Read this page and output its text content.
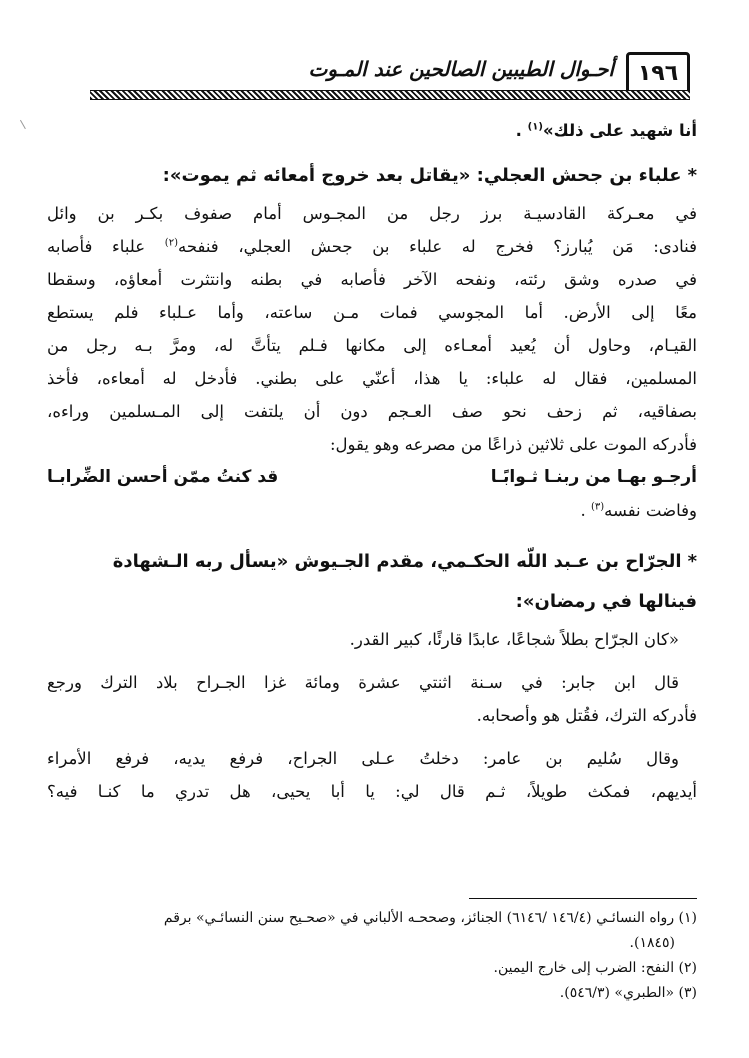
١٩٦
أحـوال الطيبين الصالحين عند المـوت
أنا شهيد على ذلك»$^{(١)}$ .
*علباء بن جحش العجلي: «يقاتل بعد خروج أمعائه ثم يموت»:
في معـركة القادسيـة برز رجل من المجـوس أمام صفوف بكـر بن وائل
فنادى: مَن يُبارز؟ فخرج له علباء بن جحش العجلي، فنفحه$^{(٢)}$ علباء فأصابه
في صدره وشق رئته، ونفحه الآخر فأصابه في بطنه وانتثرت أمعاؤه، وسقطا
معًا إلى الأرض. أما المجوسي فمات مـن ساعته، وأما عـلباء فلم يستطع
القيـام، وحاول أن يُعيد أمعـاءه إلى مكانها فـلم يتأتَّ له، ومرَّ بـه رجل من
المسلمين، فقال له علباء: يا هذا، أعنّي على بطني. فأدخل له أمعاءه، فأخذ
بصفاقيه، ثم زحف نحو صف العـجم دون أن يلتفت إلى المـسلمين وراءه،
فأدركه الموت على ثلاثين ذراعًا من مصرعه وهو يقول:
أرجـو بهـا من ربنـا ثـوابًـا
قد كنتُ ممّن أحسن الضِّرابـا
وفاضت نفسه$^{(٣)}$ .
*الجرّاح بن عـبد اللّه الحكـمي، مقدم الجـيوش «يسأل ربه الـشهادة
فينالها في رمضان»:
«كان الجرّاح بطلاً شجاعًا، عابدًا قارئًا، كبير القدر.
قال ابن جابر: في سـنة اثنتي عشرة ومائة غزا الجـراح بلاد الترك ورجع
فأدركه الترك، فقُتل هو وأصحابه.
وقال سُليم بن عامر: دخلتُ عـلى الجراح، فرفع يديه، فرفع الأمراء
أيديهم، فمكث طويلاً، ثـم قال لي: يا أبا يحيى، هل تدري ما كنـا فيه؟
(١) رواه النسائـي (١٤٦/٤ /٦١٤٦) الجنائز، وصححـه الألباني في «صحـيح سنن النسائـي» برقم
(١٨٤٥).
(٢) النفح: الضرب إلى خارج اليمين.
(٣) «الطبري» (٥٤٦/٣).
